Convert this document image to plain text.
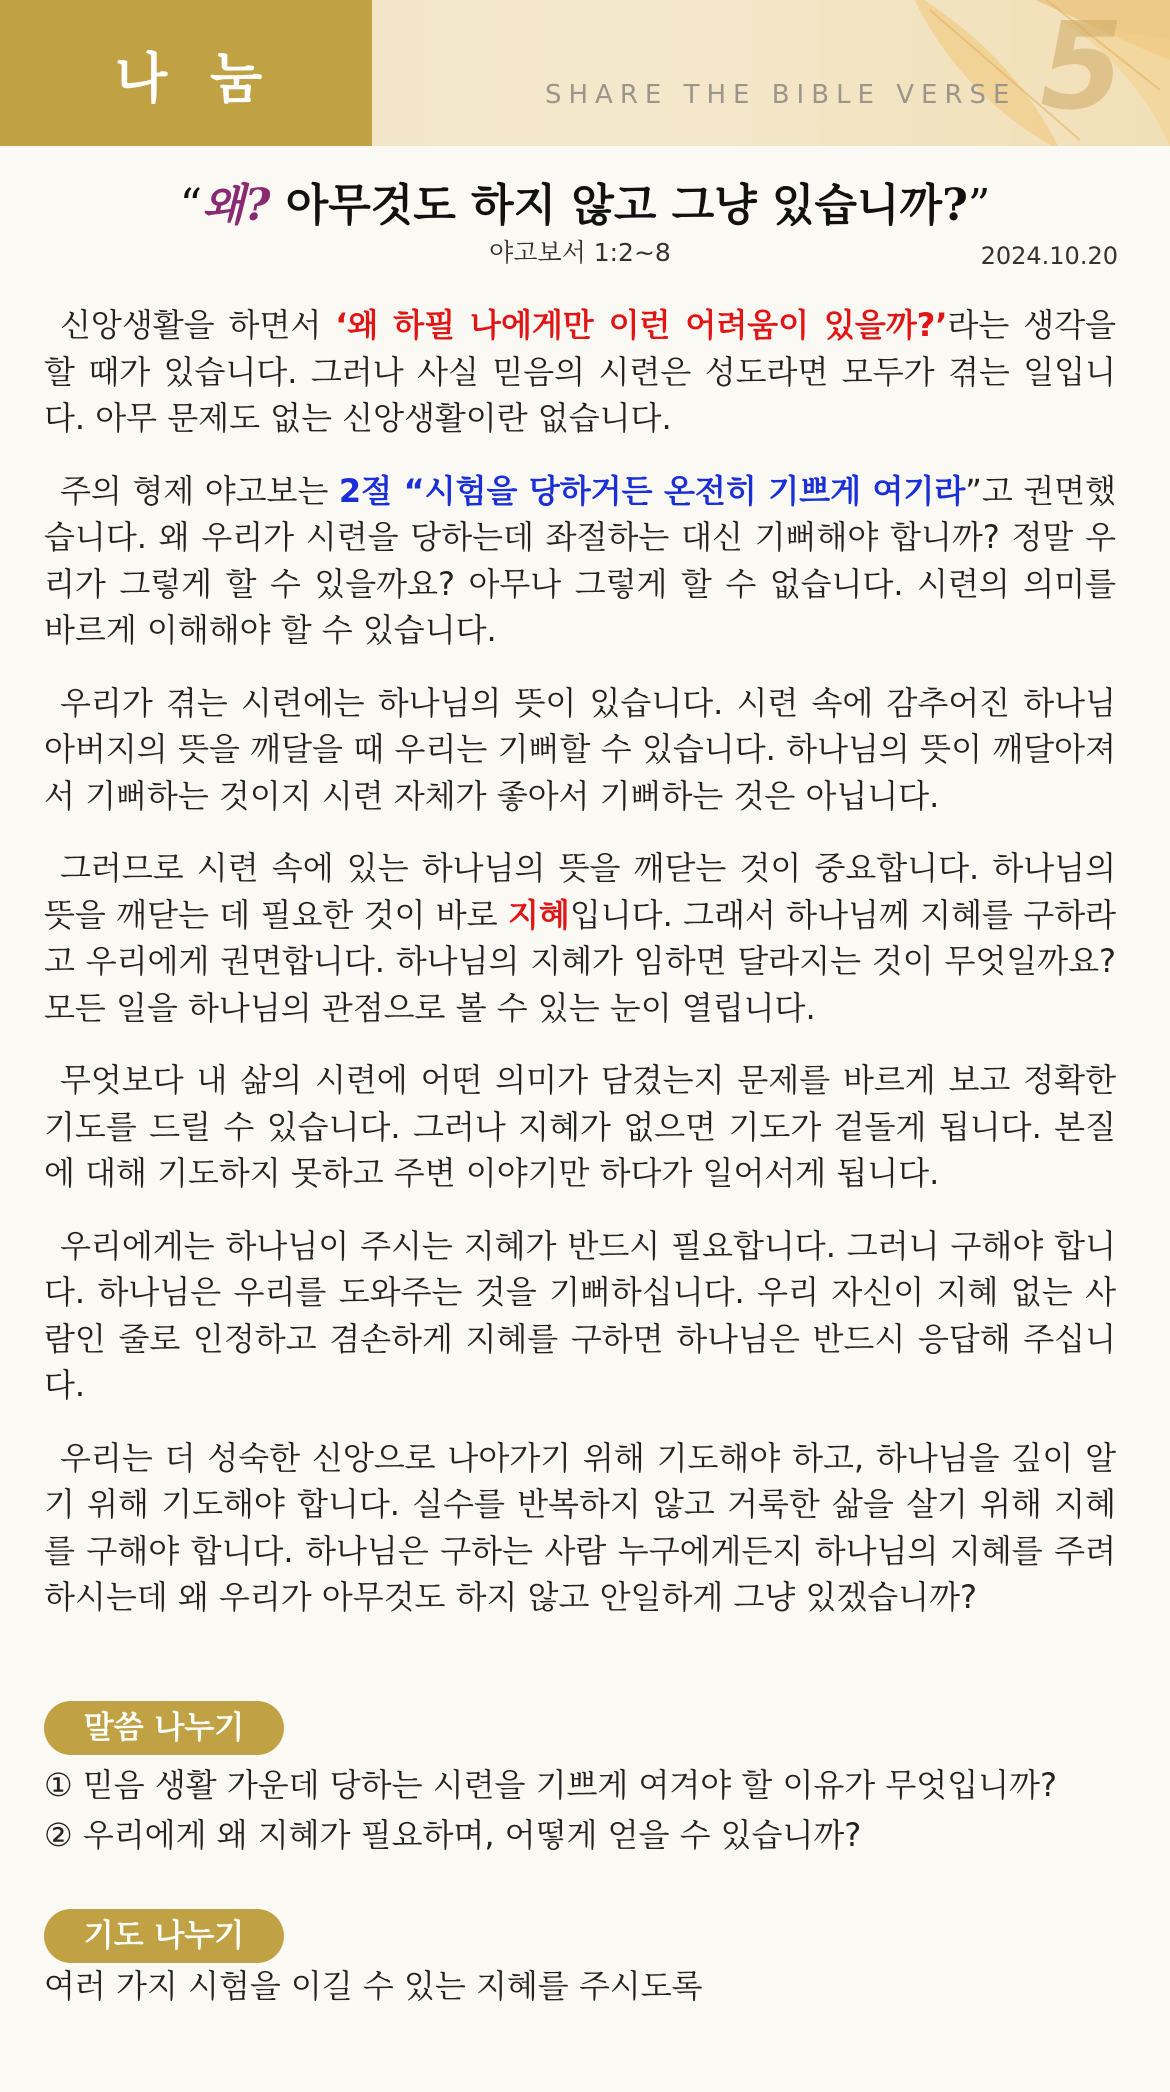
나 눔	SHARE THE BIBLE VERSE 5
“왜? 아무것도 하지 않고 그냥 있습니까?”
야고보서 1:2~8	2024.10.20

신앙생활을 하면서 ‘왜 하필 나에게만 이런 어려움이 있을까?’라는 생각을 할 때가 있습니다. 그러나 사실 믿음의 시련은 성도라면 모두가 겪는 일입니다. 아무 문제도 없는 신앙생활이란 없습니다.

주의 형제 야고보는 2절 “시험을 당하거든 온전히 기쁘게 여기라”고 권면했습니다. 왜 우리가 시련을 당하는데 좌절하는 대신 기뻐해야 합니까? 정말 우리가 그렇게 할 수 있을까요? 아무나 그렇게 할 수 없습니다. 시련의 의미를 바르게 이해해야 할 수 있습니다.

우리가 겪는 시련에는 하나님의 뜻이 있습니다. 시련 속에 감추어진 하나님 아버지의 뜻을 깨달을 때 우리는 기뻐할 수 있습니다. 하나님의 뜻이 깨달아져서 기뻐하는 것이지 시련 자체가 좋아서 기뻐하는 것은 아닙니다.

그러므로 시련 속에 있는 하나님의 뜻을 깨닫는 것이 중요합니다. 하나님의 뜻을 깨닫는 데 필요한 것이 바로 지혜입니다. 그래서 하나님께 지혜를 구하라고 우리에게 권면합니다. 하나님의 지혜가 임하면 달라지는 것이 무엇일까요? 모든 일을 하나님의 관점으로 볼 수 있는 눈이 열립니다.

무엇보다 내 삶의 시련에 어떤 의미가 담겼는지 문제를 바르게 보고 정확한 기도를 드릴 수 있습니다. 그러나 지혜가 없으면 기도가 겉돌게 됩니다. 본질에 대해 기도하지 못하고 주변 이야기만 하다가 일어서게 됩니다.

우리에게는 하나님이 주시는 지혜가 반드시 필요합니다. 그러니 구해야 합니다. 하나님은 우리를 도와주는 것을 기뻐하십니다. 우리 자신이 지혜 없는 사람인 줄로 인정하고 겸손하게 지혜를 구하면 하나님은 반드시 응답해 주십니다.

우리는 더 성숙한 신앙으로 나아가기 위해 기도해야 하고, 하나님을 깊이 알기 위해 기도해야 합니다. 실수를 반복하지 않고 거룩한 삶을 살기 위해 지혜를 구해야 합니다. 하나님은 구하는 사람 누구에게든지 하나님의 지혜를 주려 하시는데 왜 우리가 아무것도 하지 않고 안일하게 그냥 있겠습니까?

말씀 나누기
① 믿음 생활 가운데 당하는 시련을 기쁘게 여겨야 할 이유가 무엇입니까?
② 우리에게 왜 지혜가 필요하며, 어떻게 얻을 수 있습니까?
기도 나누기
여러 가지 시험을 이길 수 있는 지혜를 주시도록
